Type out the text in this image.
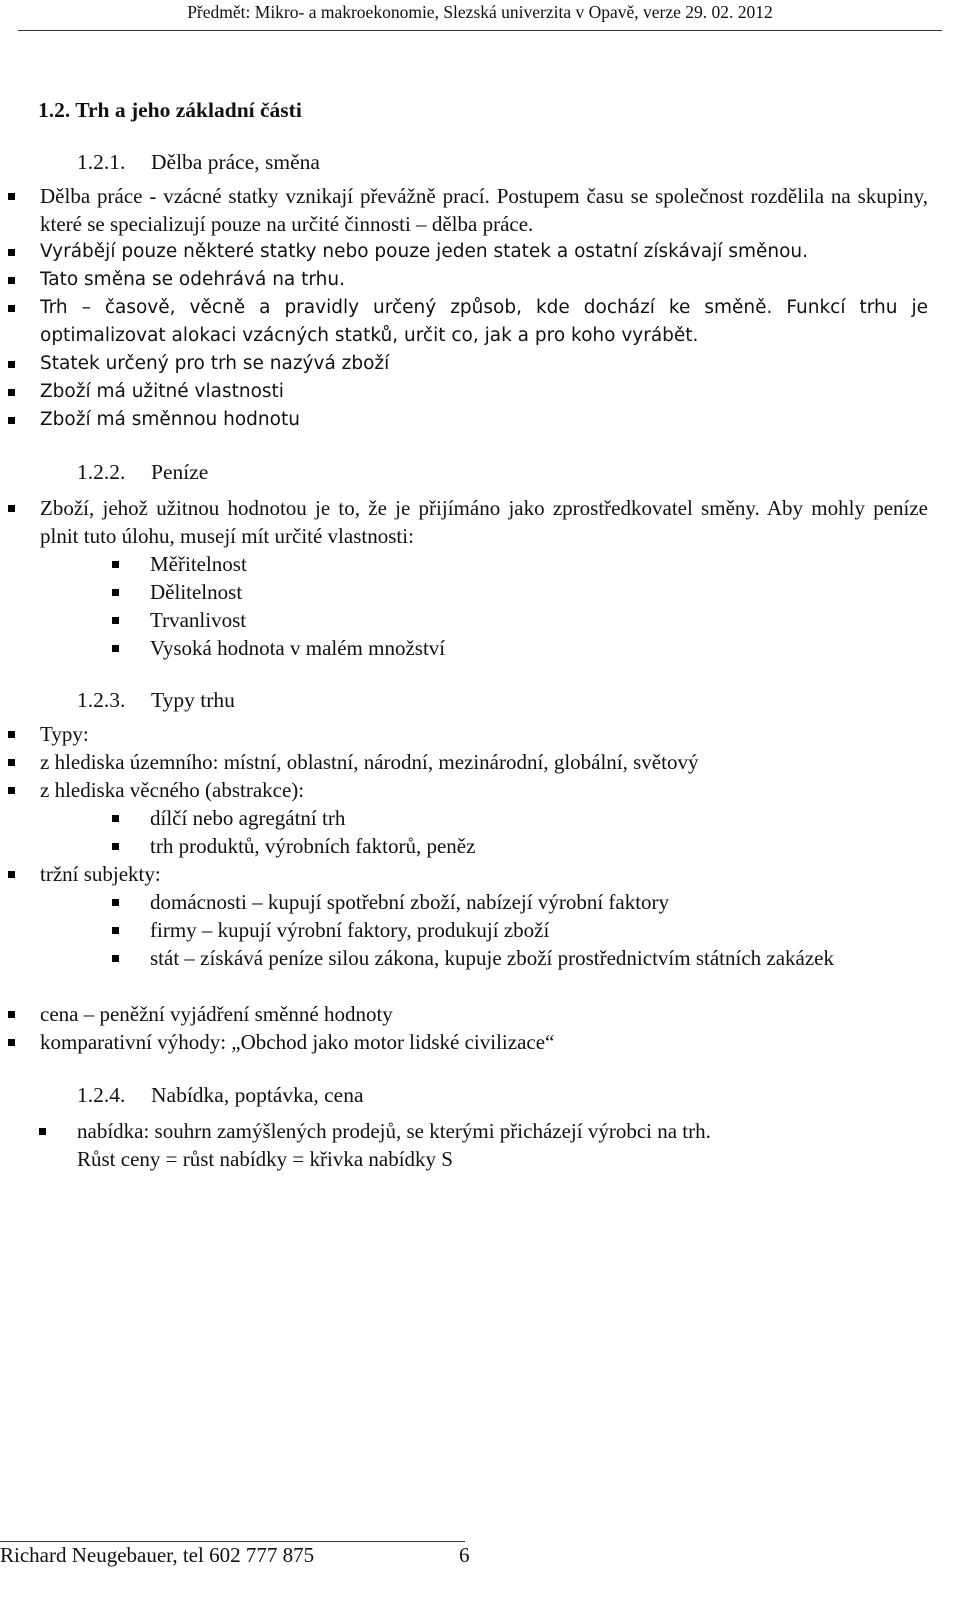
Předmět: Mikro- a makroekonomie, Slezská univerzita v Opavě, verze 29. 02. 2012
1.2. Trh a jeho základní části
1.2.1. Dělba práce, směna
Dělba práce - vzácné statky vznikají převážně prací. Postupem času se společnost rozdělila na skupiny, které se specializují pouze na určité činnosti – dělba práce.
Vyrábějí pouze některé statky nebo pouze jeden statek a ostatní získávají směnou.
Tato směna se odehrává na trhu.
Trh – časově, věcně a pravidly určený způsob, kde dochází ke směně. Funkcí trhu je optimalizovat alokaci vzácných statků, určit co, jak a pro koho vyrábět.
Statek určený pro trh se nazývá zboží
Zboží má užitné vlastnosti
Zboží má směnnou hodnotu
1.2.2. Peníze
Zboží, jehož užitnou hodnotou je to, že je přijímáno jako zprostředkovatel směny. Aby mohly peníze plnit tuto úlohu, musejí mít určité vlastnosti:
Měřitelnost
Dělitelnost
Trvanlivost
Vysoká hodnota v malém množství
1.2.3. Typy trhu
Typy:
z hlediska územního: místní, oblastní, národní, mezinárodní, globální, světový
z hlediska věcného (abstrakce):
dílčí nebo agregátní trh
trh produktů, výrobních faktorů, peněz
tržní subjekty:
domácnosti – kupují spotřební zboží, nabízejí výrobní faktory
firmy – kupují výrobní faktory, produkují zboží
stát – získává peníze silou zákona, kupuje zboží prostřednictvím státních zakázek
cena – peněžní vyjádření směnné hodnoty
komparativní výhody: „Obchod jako motor lidské civilizace“
1.2.4. Nabídka, poptávka, cena
nabídka: souhrn zamýšlených prodejů, se kterými přicházejí výrobci na trh.
Růst ceny = růst nabídky = křivka nabídky S
Richard Neugebauer, tel 602 777 875	6
